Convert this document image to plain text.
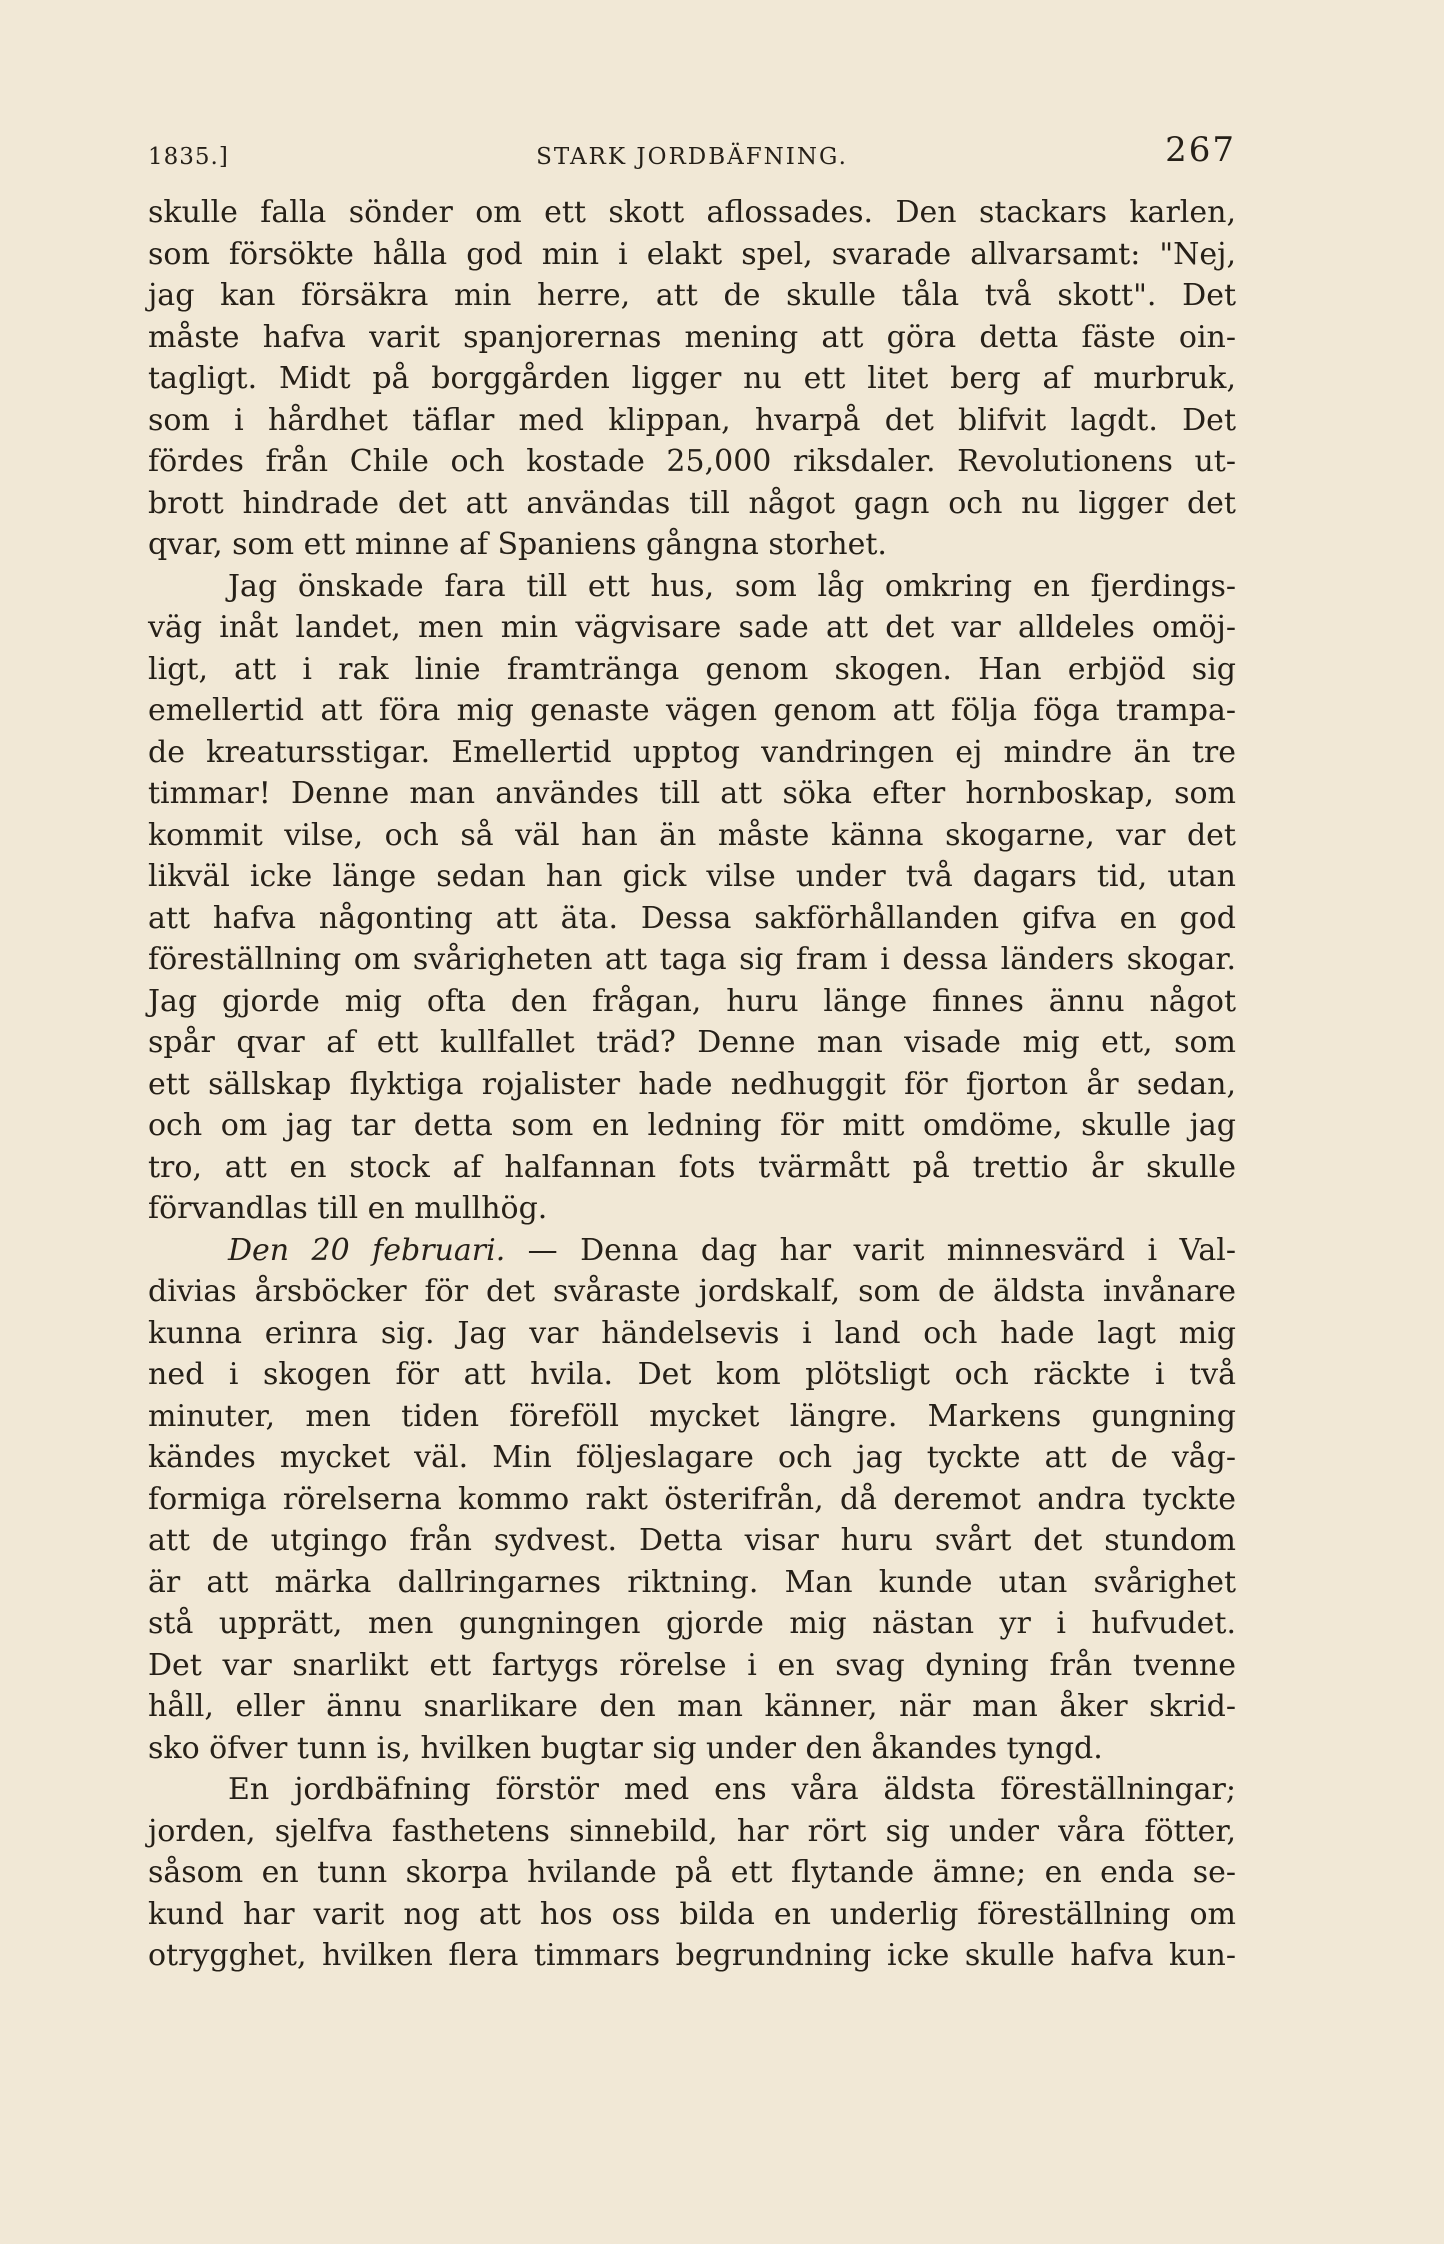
1835.]	STARK JORDBÄFNING.	267
skulle falla sönder om ett skott aflossades. Den stackars karlen,
som försökte hålla god min i elakt spel, svarade allvarsamt: "Nej,
jag kan försäkra min herre, att de skulle tåla två skott". Det
måste hafva varit spanjorernas mening att göra detta fäste oin-
tagligt. Midt på borggården ligger nu ett litet berg af murbruk,
som i hårdhet täflar med klippan, hvarpå det blifvit lagdt. Det
fördes från Chile och kostade 25,000 riksdaler. Revolutionens ut-
brott hindrade det att användas till något gagn och nu ligger det
qvar, som ett minne af Spaniens gångna storhet.
Jag önskade fara till ett hus, som låg omkring en fjerdings-
väg inåt landet, men min vägvisare sade att det var alldeles omöj-
ligt, att i rak linie framtränga genom skogen. Han erbjöd sig
emellertid att föra mig genaste vägen genom att följa föga trampa-
de kreatursstigar. Emellertid upptog vandringen ej mindre än tre
timmar! Denne man användes till att söka efter hornboskap, som
kommit vilse, och så väl han än måste känna skogarne, var det
likväl icke länge sedan han gick vilse under två dagars tid, utan
att hafva någonting att äta. Dessa sakförhållanden gifva en god
föreställning om svårigheten att taga sig fram i dessa länders skogar.
Jag gjorde mig ofta den frågan, huru länge finnes ännu något
spår qvar af ett kullfallet träd? Denne man visade mig ett, som
ett sällskap flyktiga rojalister hade nedhuggit för fjorton år sedan,
och om jag tar detta som en ledning för mitt omdöme, skulle jag
tro, att en stock af halfannan fots tvärmått på trettio år skulle
förvandlas till en mullhög.
Den 20 februari. — Denna dag har varit minnesvärd i Val-
divias årsböcker för det svåraste jordskalf, som de äldsta invånare
kunna erinra sig. Jag var händelsevis i land och hade lagt mig
ned i skogen för att hvila. Det kom plötsligt och räckte i två
minuter, men tiden föreföll mycket längre. Markens gungning
kändes mycket väl. Min följeslagare och jag tyckte att de våg-
formiga rörelserna kommo rakt österifrån, då deremot andra tyckte
att de utgingo från sydvest. Detta visar huru svårt det stundom
är att märka dallringarnes riktning. Man kunde utan svårighet
stå upprätt, men gungningen gjorde mig nästan yr i hufvudet.
Det var snarlikt ett fartygs rörelse i en svag dyning från tvenne
håll, eller ännu snarlikare den man känner, när man åker skrid-
sko öfver tunn is, hvilken bugtar sig under den åkandes tyngd.
En jordbäfning förstör med ens våra äldsta föreställningar;
jorden, sjelfva fasthetens sinnebild, har rört sig under våra fötter,
såsom en tunn skorpa hvilande på ett flytande ämne; en enda se-
kund har varit nog att hos oss bilda en underlig föreställning om
otrygghet, hvilken flera timmars begrundning icke skulle hafva kun-
